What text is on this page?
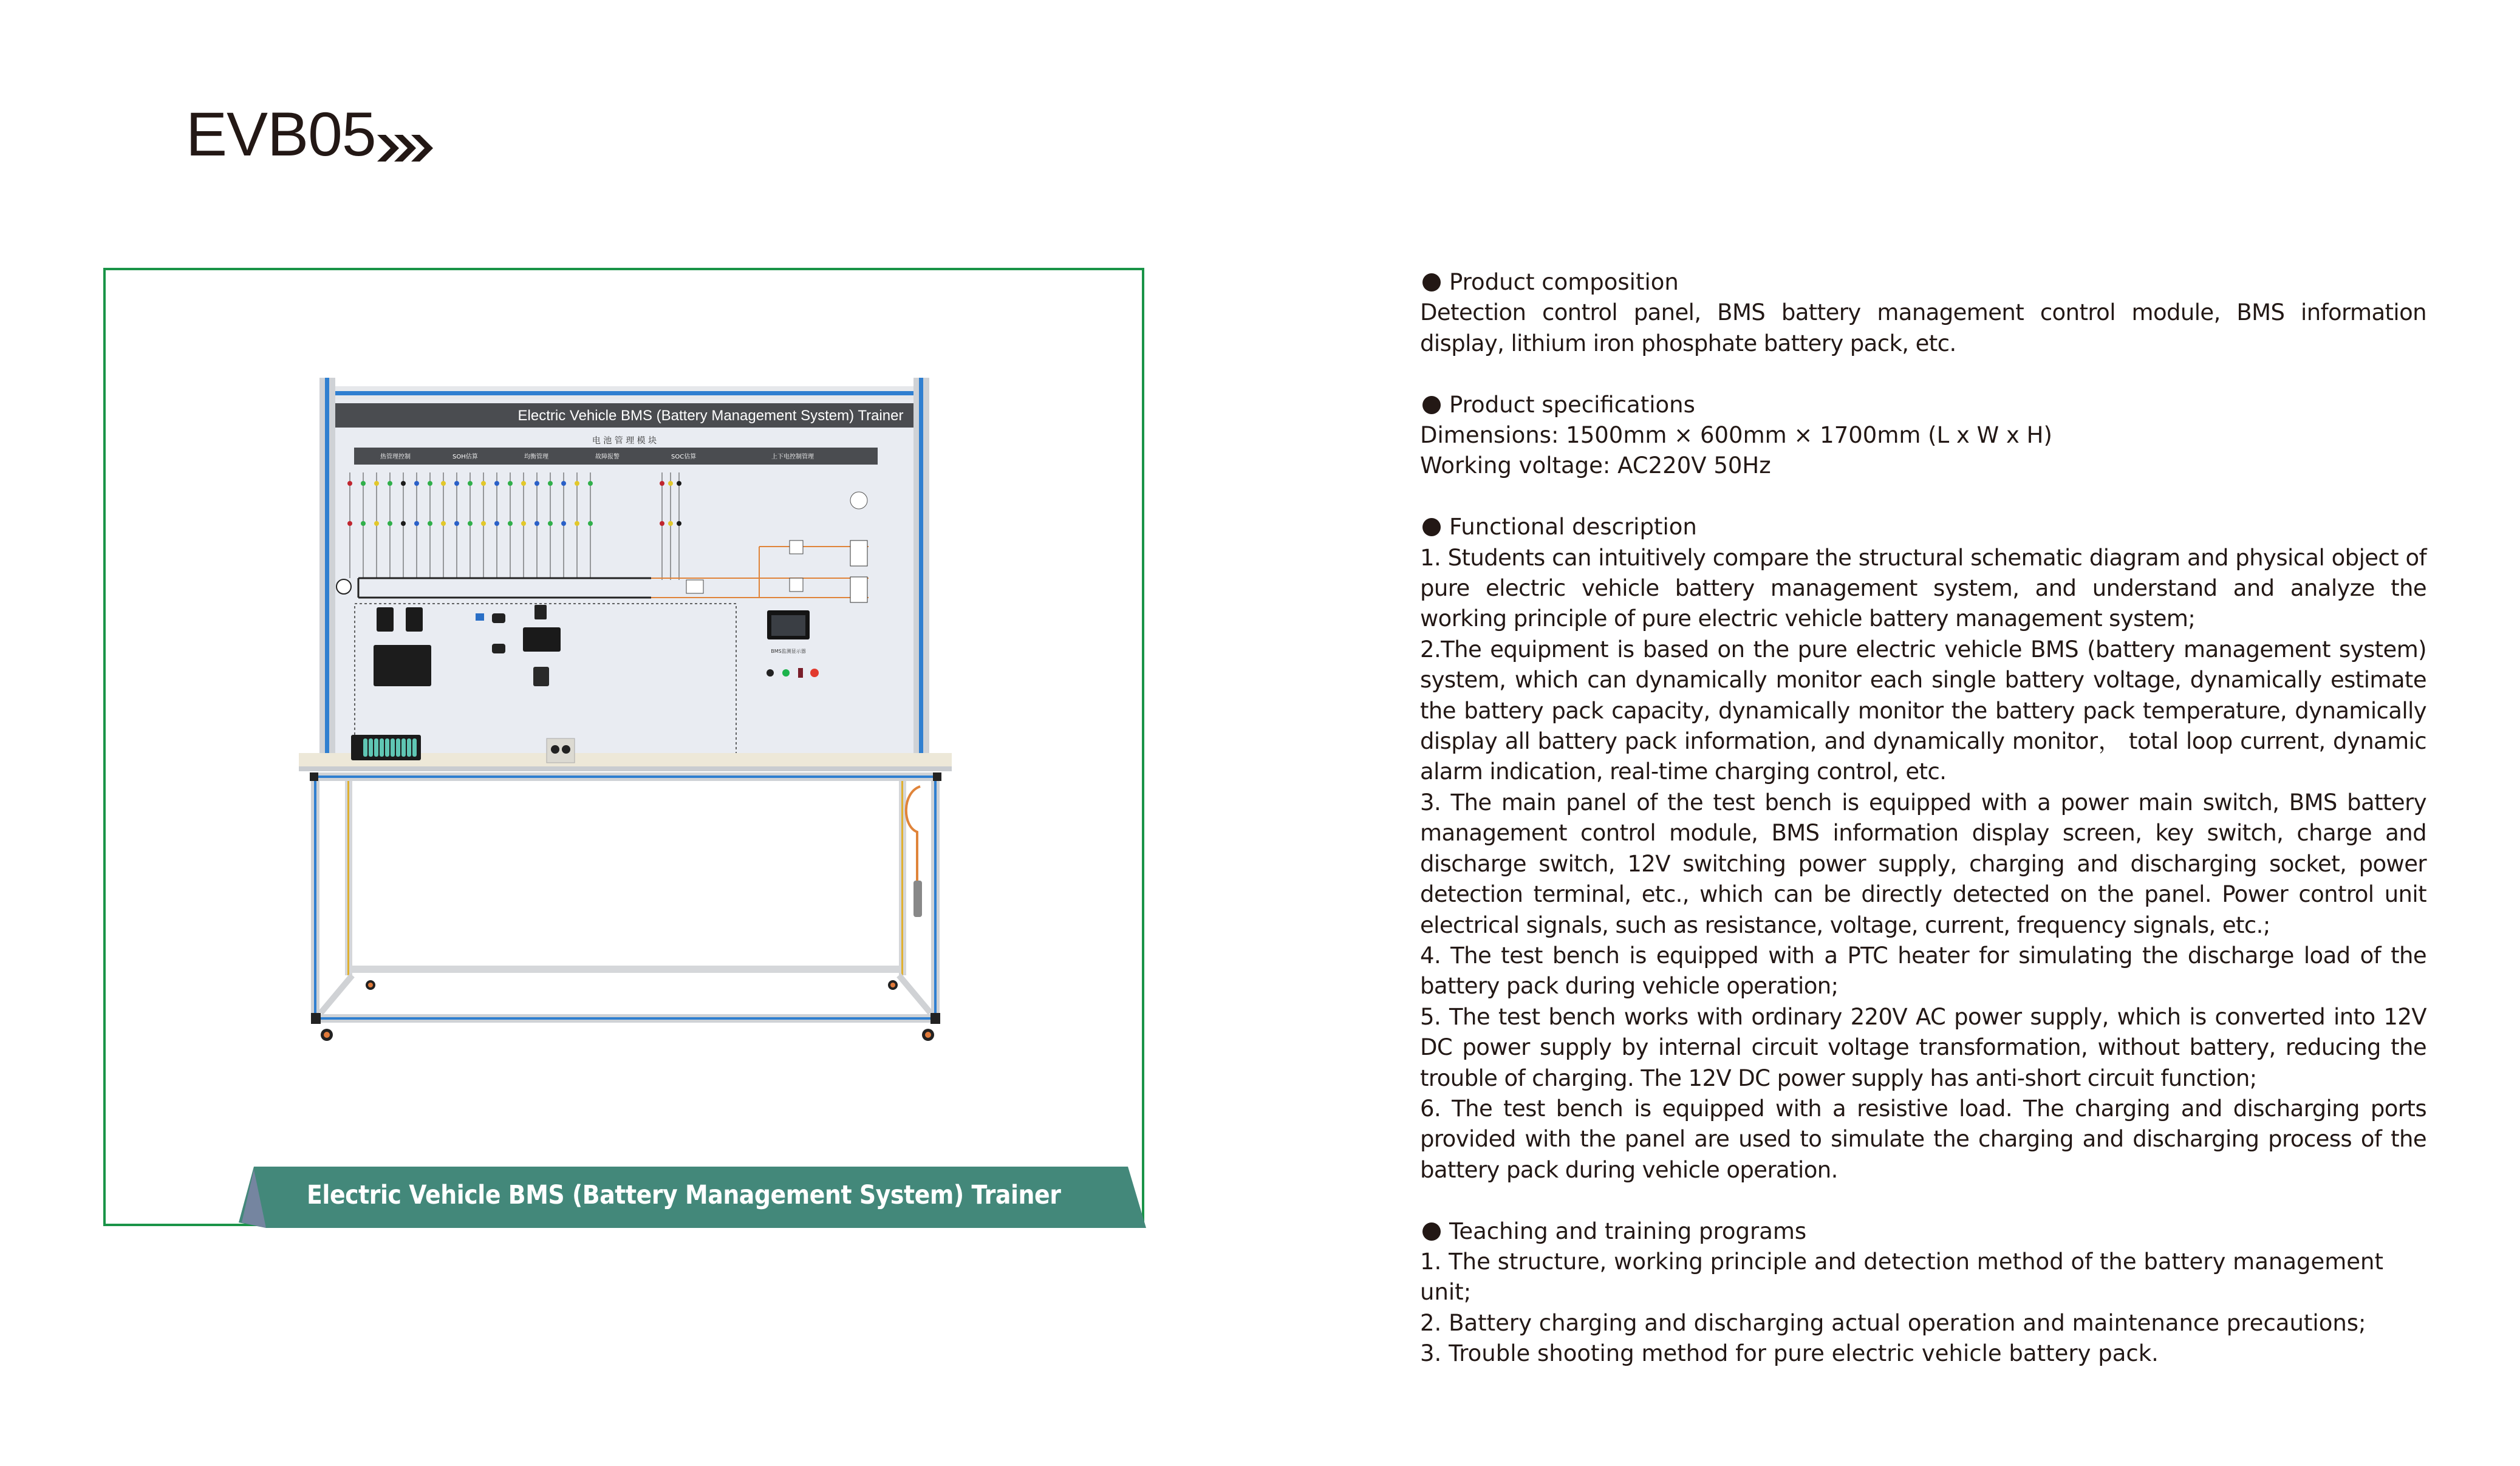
EVB05
Electric Vehicle BMS (Battery Management System) Trainer
电 池 管 理 模 块
热管理控制	SOH估算	均衡管理	故障报警	SOC估算	上下电控制管理
BMS监测显示器
Electric Vehicle BMS (Battery Management System) Trainer
Product composition
Detection control panel, BMS battery management control module, BMS information display, lithium iron phosphate battery pack, etc.
Product specifications
Dimensions: 1500mm × 600mm × 1700mm (L x W x H)
Working voltage: AC220V 50Hz
Functional description
1. Students can intuitively compare the structural schematic diagram and physical object of pure electric vehicle battery management system, and understand and analyze the working principle of pure electric vehicle battery management system;
2.The equipment is based on the pure electric vehicle BMS (battery management system) system, which can dynamically monitor each single battery voltage, dynamically estimate the battery pack capacity, dynamically monitor the battery pack temperature, dynamically display all battery pack information, and dynamically monitor， total loop current, dynamic alarm indication, real-time charging control, etc.
3. The main panel of the test bench is equipped with a power main switch, BMS battery management control module, BMS information display screen, key switch, charge and discharge switch, 12V switching power supply, charging and discharging socket, power detection terminal, etc., which can be directly detected on the panel. Power control unit electrical signals, such as resistance, voltage, current, frequency signals, etc.;
4. The test bench is equipped with a PTC heater for simulating the discharge load of the battery pack during vehicle operation;
5. The test bench works with ordinary 220V AC power supply, which is converted into 12V DC power supply by internal circuit voltage transformation, without battery, reducing the trouble of charging. The 12V DC power supply has anti-short circuit function;
6. The test bench is equipped with a resistive load. The charging and discharging ports provided with the panel are used to simulate the charging and discharging process of the battery pack during vehicle operation.
Teaching and training programs
1. The structure, working principle and detection method of the battery management unit;
2. Battery charging and discharging actual operation and maintenance precautions;
3. Trouble shooting method for pure electric vehicle battery pack.
